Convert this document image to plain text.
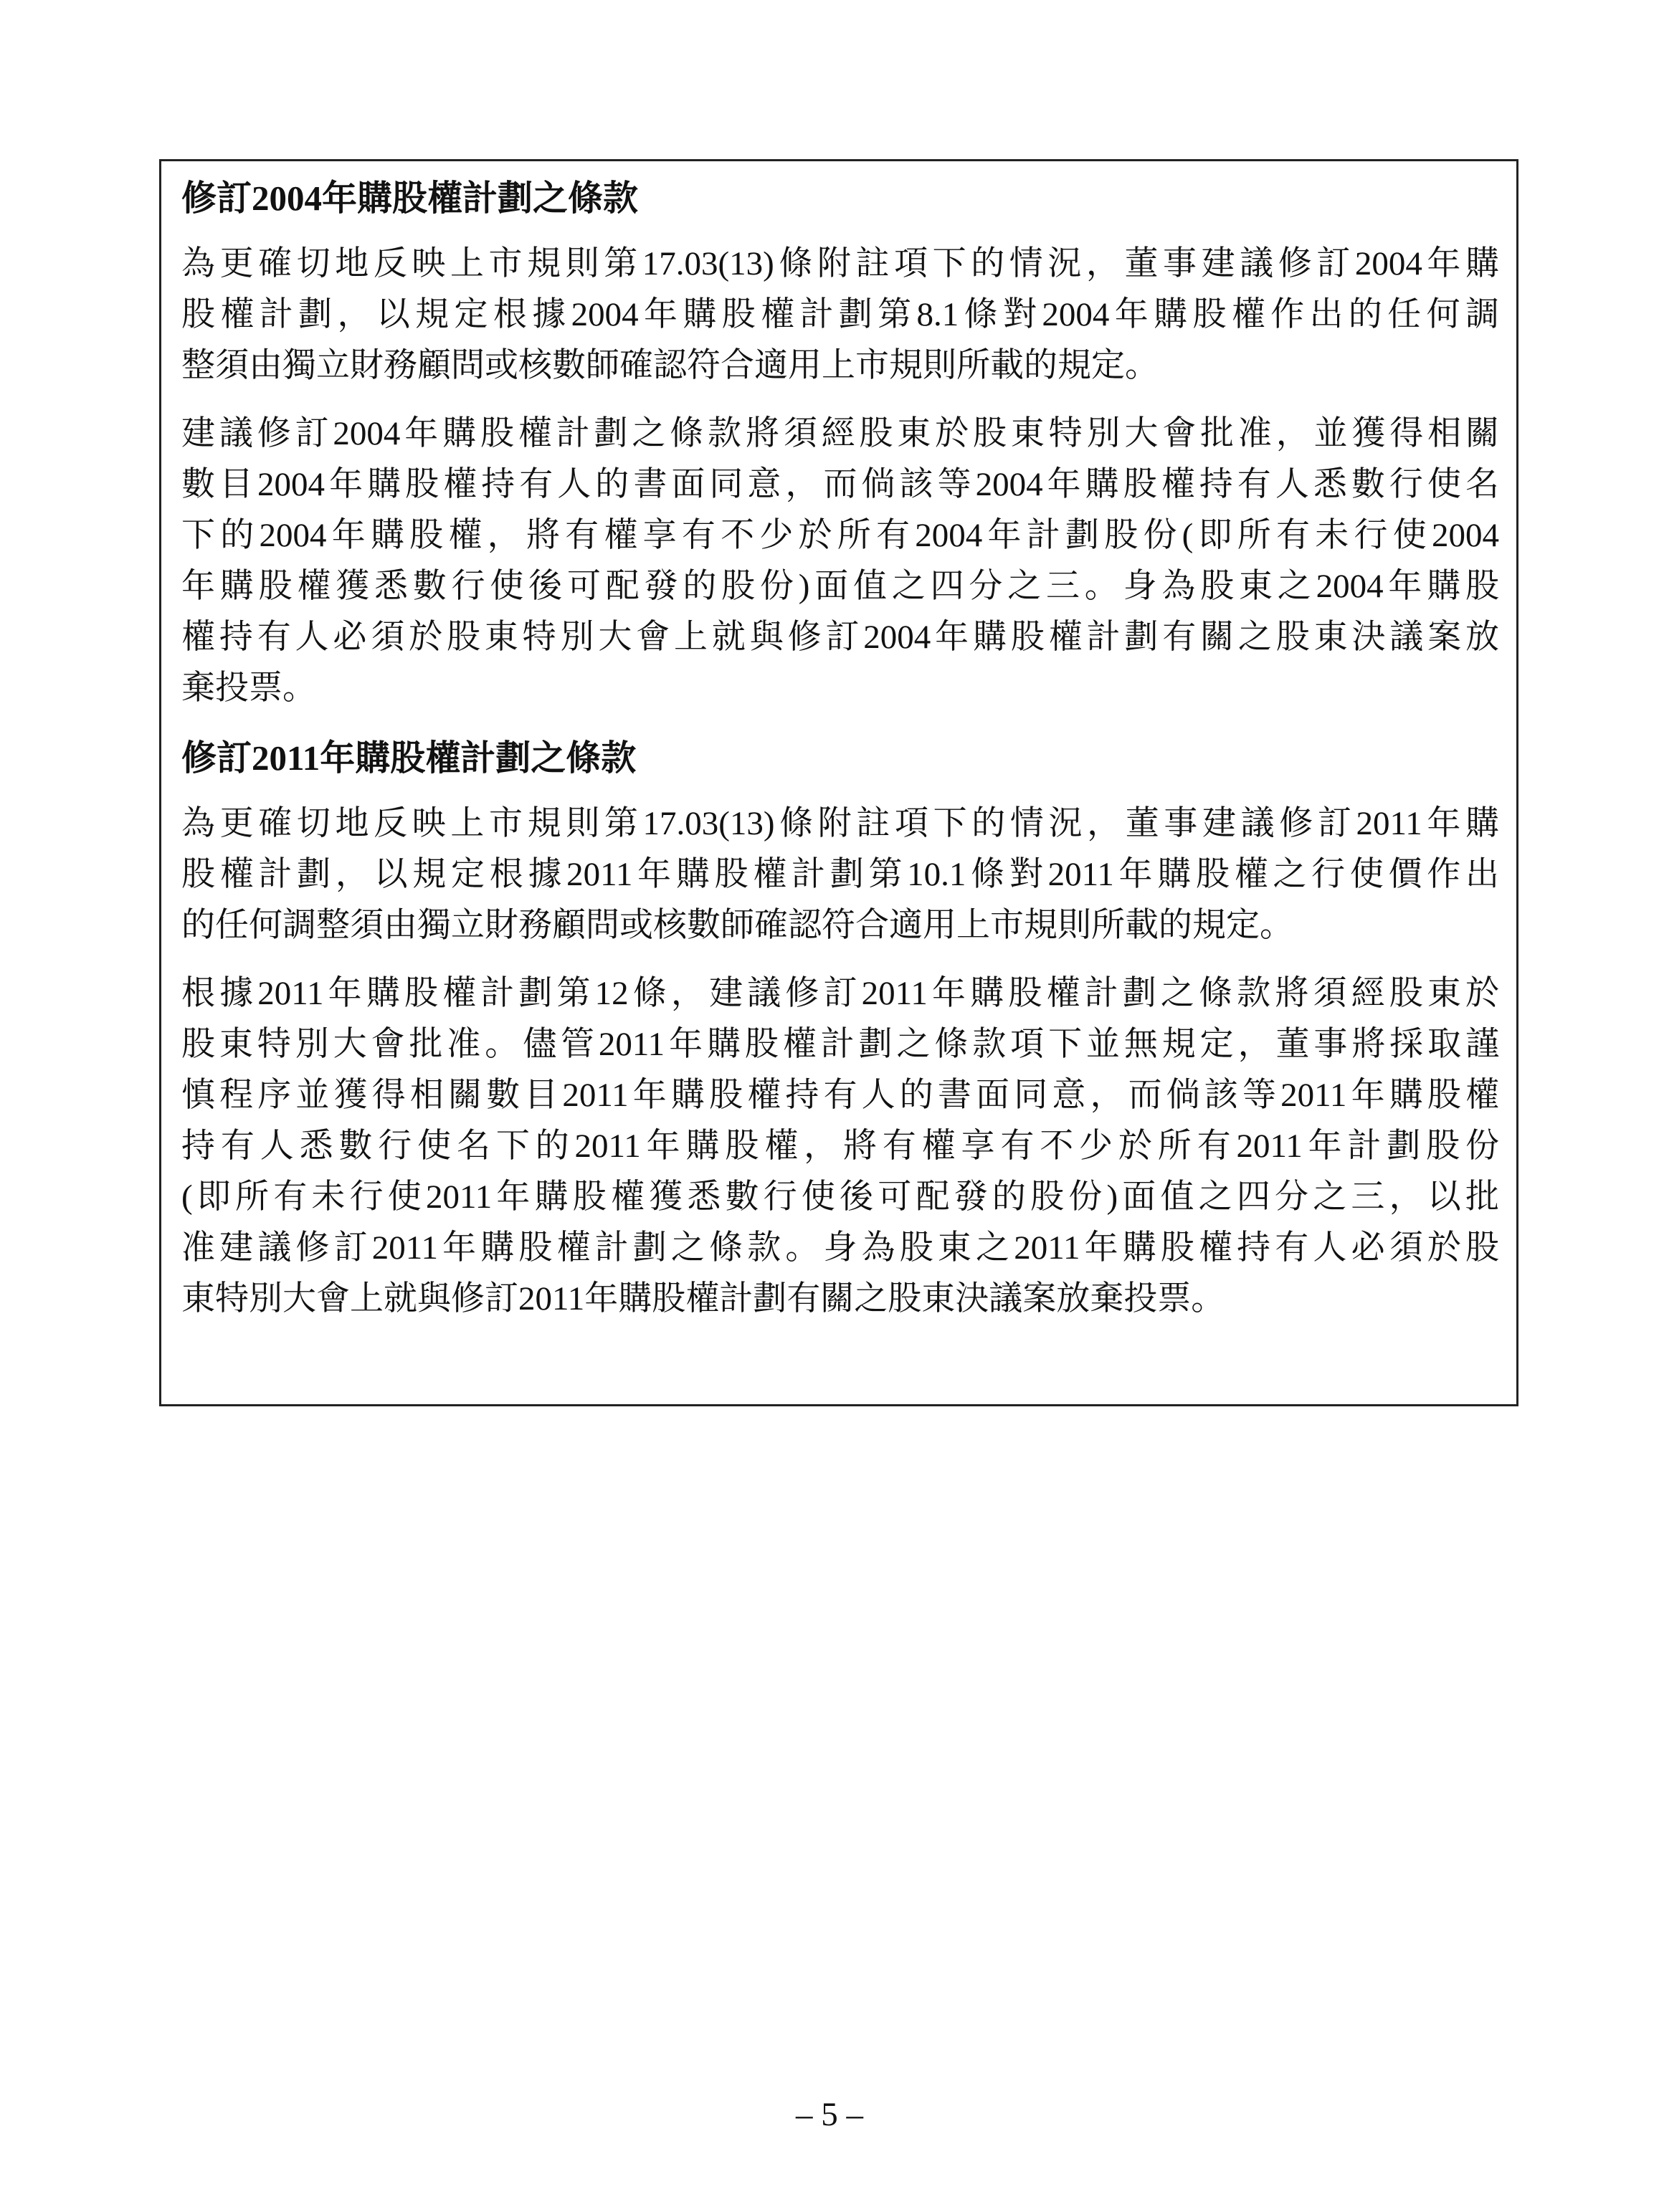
修訂2004年購股權計劃之條款

為更確切地反映上市規則第17.03(13)條附註項下的情況，董事建議修訂2004年購
股權計劃，以規定根據2004年購股權計劃第8.1條對2004年購股權作出的任何調
整須由獨立財務顧問或核數師確認符合適用上市規則所載的規定。

建議修訂2004年購股權計劃之條款將須經股東於股東特別大會批准，並獲得相關
數目2004年購股權持有人的書面同意，而倘該等2004年購股權持有人悉數行使名
下的2004年購股權，將有權享有不少於所有2004年計劃股份(即所有未行使2004
年購股權獲悉數行使後可配發的股份)面值之四分之三。身為股東之2004年購股
權持有人必須於股東特別大會上就與修訂2004年購股權計劃有關之股東決議案放
棄投票。

修訂2011年購股權計劃之條款

為更確切地反映上市規則第17.03(13)條附註項下的情況，董事建議修訂2011年購
股權計劃，以規定根據2011年購股權計劃第10.1條對2011年購股權之行使價作出
的任何調整須由獨立財務顧問或核數師確認符合適用上市規則所載的規定。

根據2011年購股權計劃第12條，建議修訂2011年購股權計劃之條款將須經股東於
股東特別大會批准。儘管2011年購股權計劃之條款項下並無規定，董事將採取謹
慎程序並獲得相關數目2011年購股權持有人的書面同意，而倘該等2011年購股權
持有人悉數行使名下的2011年購股權，將有權享有不少於所有2011年計劃股份
(即所有未行使2011年購股權獲悉數行使後可配發的股份)面值之四分之三，以批
准建議修訂2011年購股權計劃之條款。身為股東之2011年購股權持有人必須於股
東特別大會上就與修訂2011年購股權計劃有關之股東決議案放棄投票。

– 5 –
